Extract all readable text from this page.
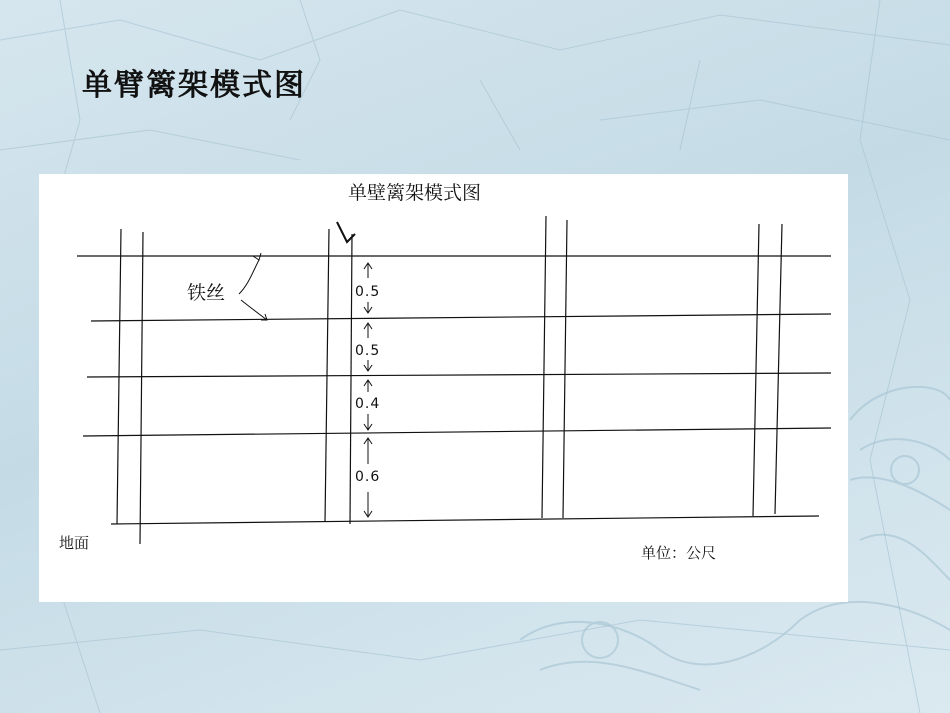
单臂篱架模式图
单壁篱架模式图
铁丝	0.5
0.5
0.4
0.6
地面
单位：公尺
